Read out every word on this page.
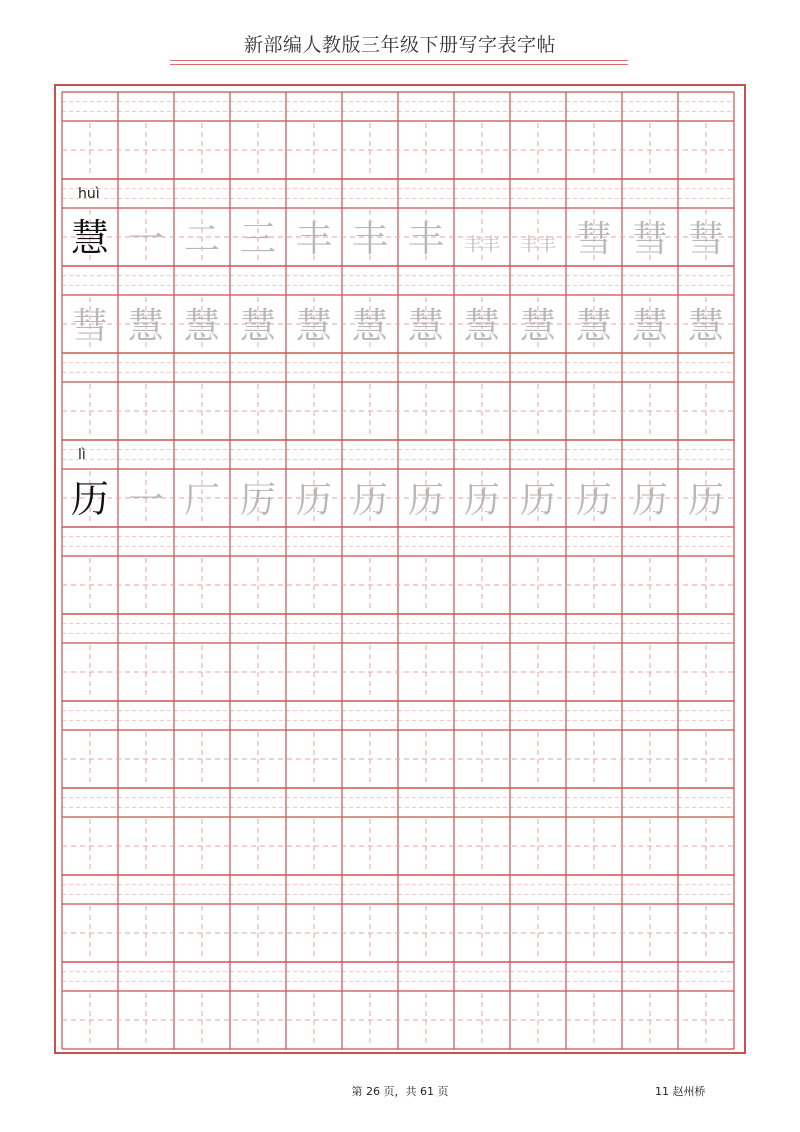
新部编人教版三年级下册写字表字帖
huì
慧 一 二 三 丰 丰 丰 丰丰 丰丰 彗 彗 彗
彗 慧 慧 慧 慧 慧 慧 慧 慧 慧 慧 慧
lì
历 一 厂 厉 历 历 历 历 历 历 历 历
第 26 页，共 61 页	11 赵州桥
